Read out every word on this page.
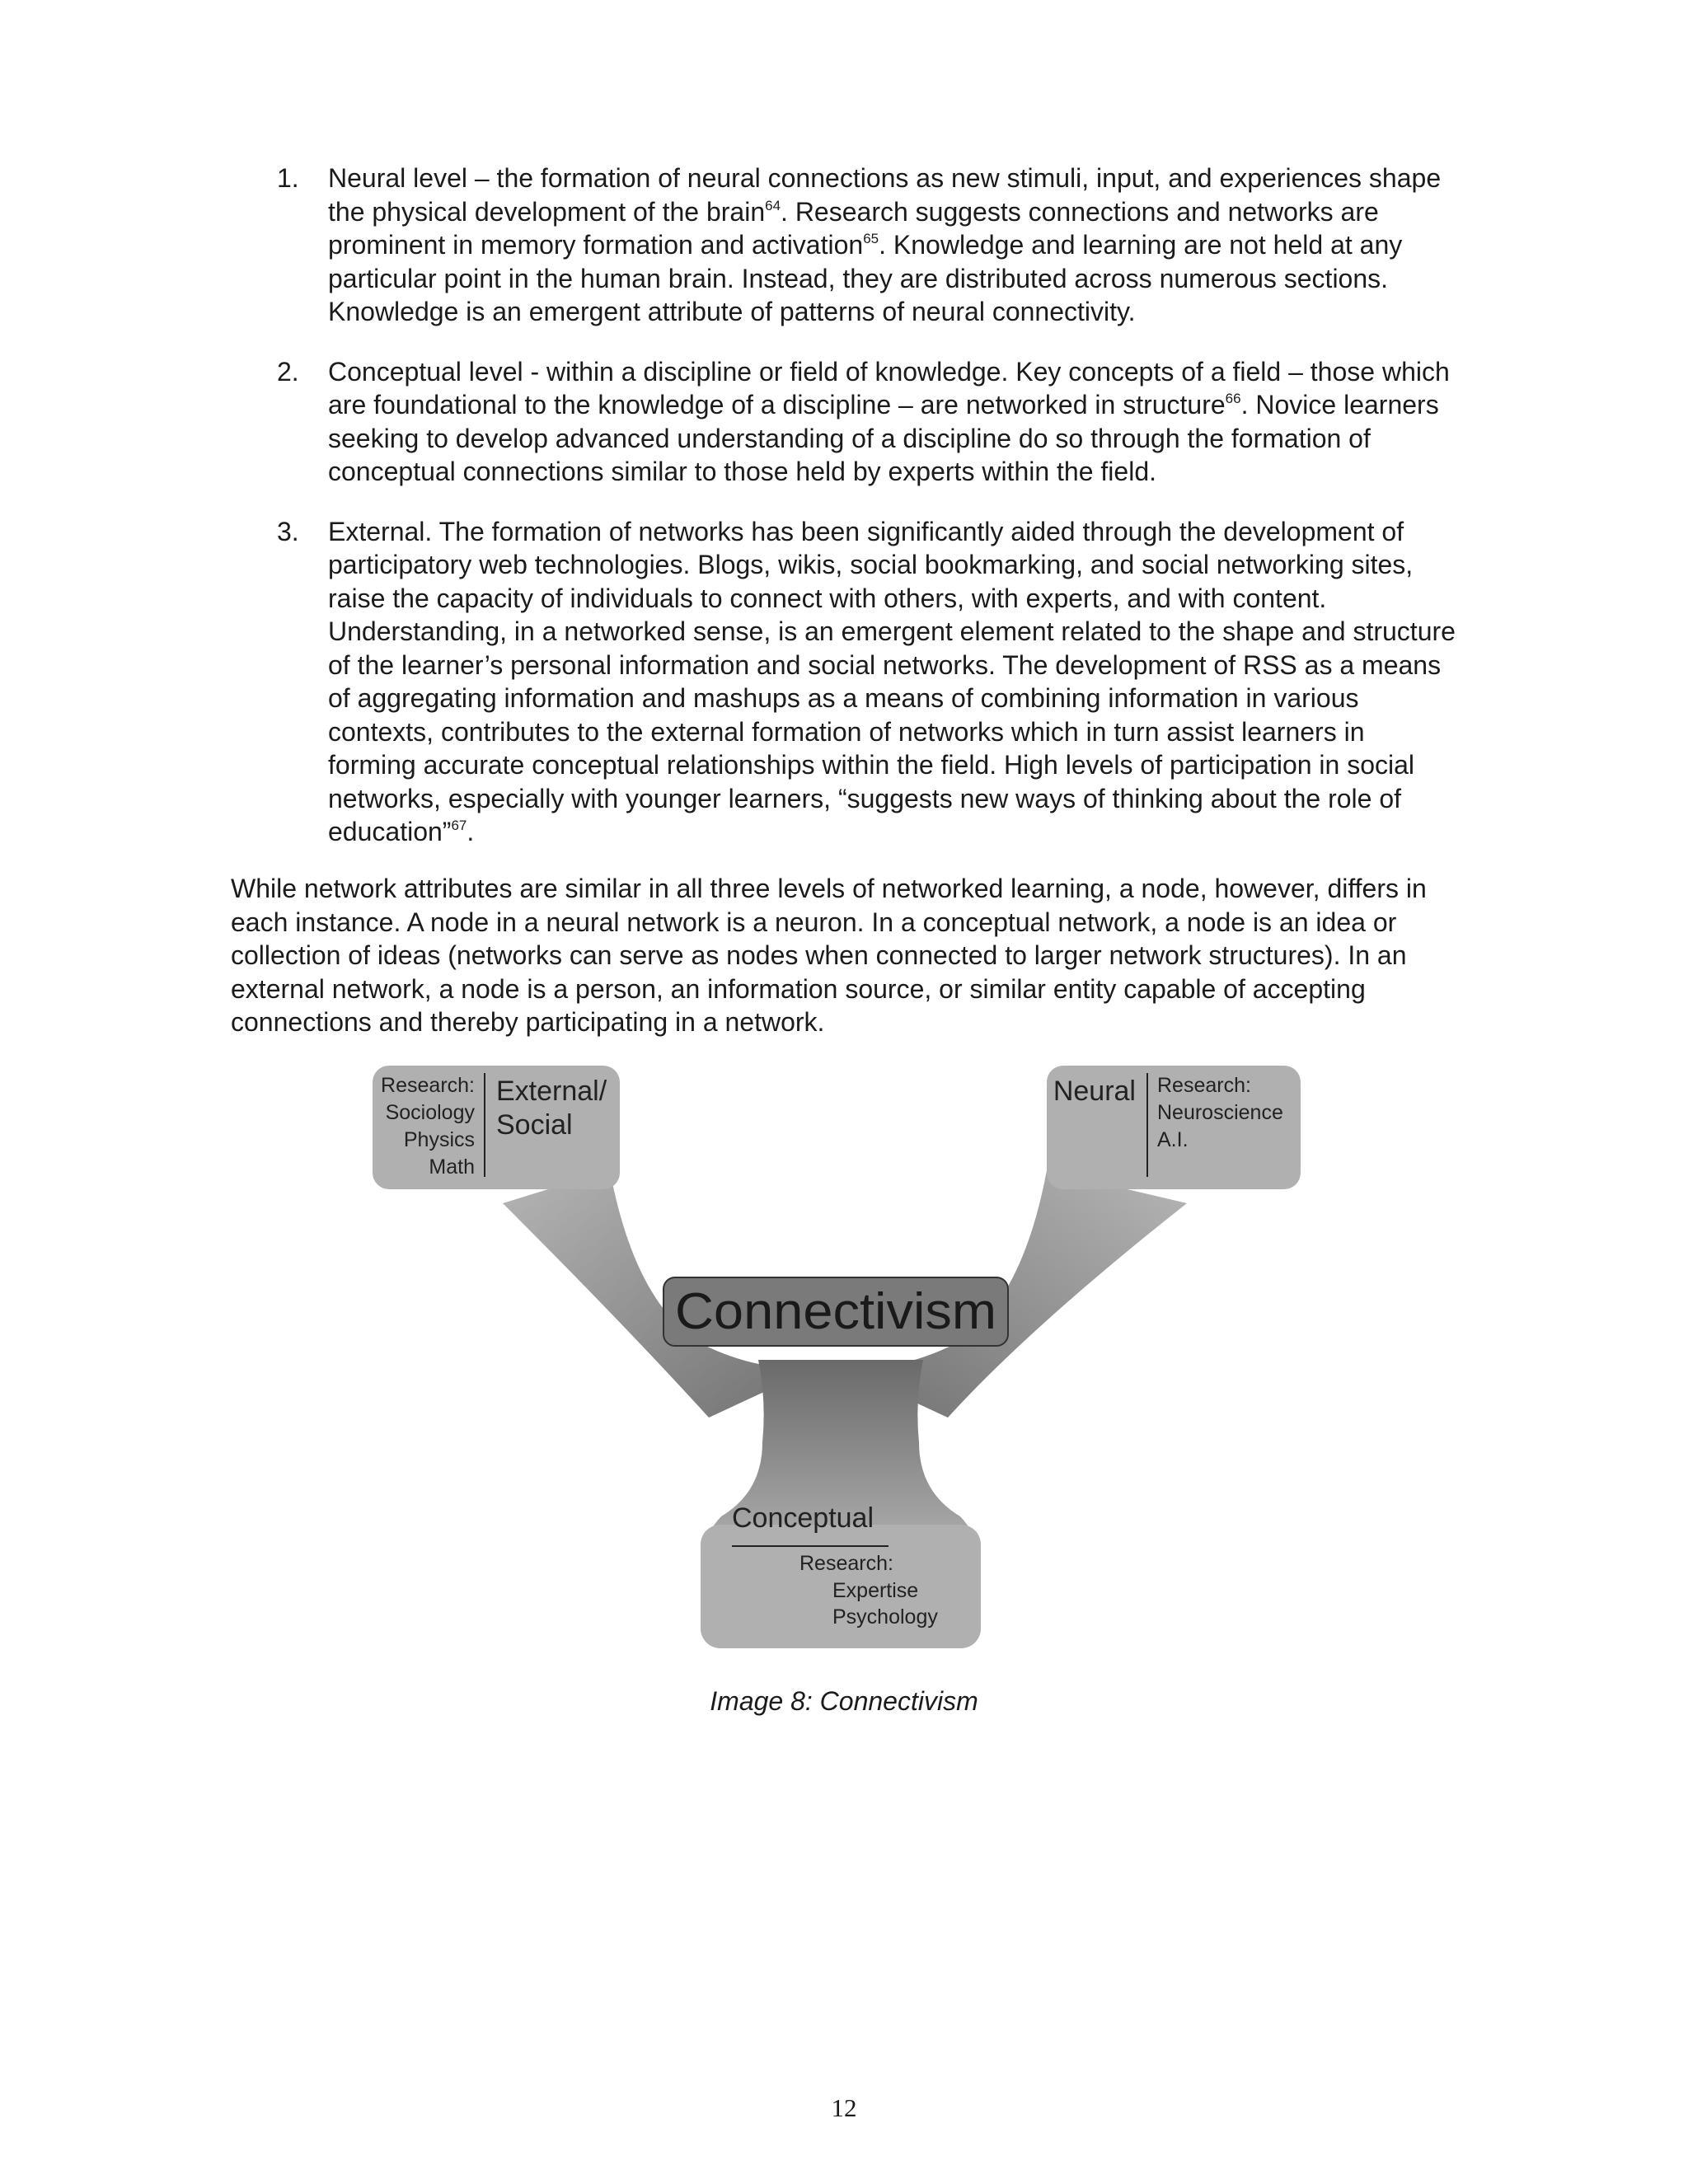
1. Neural level – the formation of neural connections as new stimuli, input, and experiences shape the physical development of the brain$^{64}$. Research suggests connections and networks are prominent in memory formation and activation$^{65}$. Knowledge and learning are not held at any particular point in the human brain. Instead, they are distributed across numerous sections. Knowledge is an emergent attribute of patterns of neural connectivity.

2. Conceptual level - within a discipline or field of knowledge. Key concepts of a field – those which are foundational to the knowledge of a discipline – are networked in structure$^{66}$. Novice learners seeking to develop advanced understanding of a discipline do so through the formation of conceptual connections similar to those held by experts within the field.

3. External. The formation of networks has been significantly aided through the development of participatory web technologies. Blogs, wikis, social bookmarking, and social networking sites, raise the capacity of individuals to connect with others, with experts, and with content. Understanding, in a networked sense, is an emergent element related to the shape and structure of the learner’s personal information and social networks. The development of RSS as a means of aggregating information and mashups as a means of combining information in various contexts, contributes to the external formation of networks which in turn assist learners in forming accurate conceptual relationships within the field. High levels of participation in social networks, especially with younger learners, “suggests new ways of thinking about the role of education”$^{67}$.

While network attributes are similar in all three levels of networked learning, a node, however, differs in each instance. A node in a neural network is a neuron. In a conceptual network, a node is an idea or collection of ideas (networks can serve as nodes when connected to larger network structures). In an external network, a node is a person, an information source, or similar entity capable of accepting connections and thereby participating in a network.

Research:
Sociology
Physics
Math
External/
Social
Neural Research:
Neuroscience
A.I.
Conceptual
Research:
Expertise
Psychology
Connectivism

Image 8: Connectivism

12
